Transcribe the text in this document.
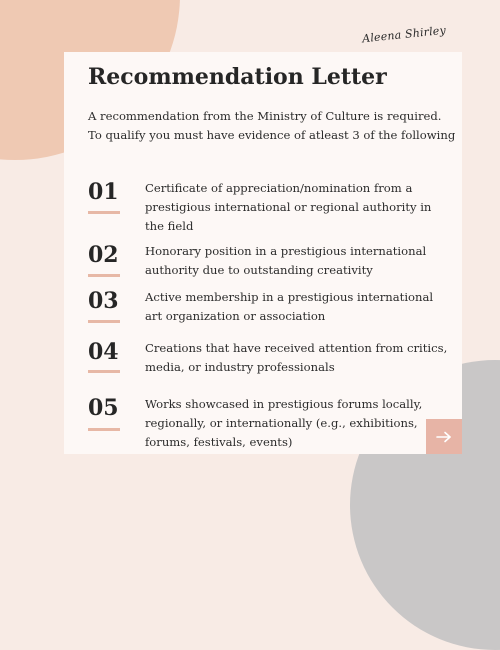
Aleena Shirley
Recommendation Letter

A recommendation from the Ministry of Culture is required. To qualify you must have evidence of atleast 3 of the following

01 Certificate of appreciation/nomination from a prestigious international or regional authority in the field

02 Honorary position in a prestigious international authority due to outstanding creativity

03 Active membership in a prestigious international art organization or association

04 Creations that have received attention from critics, media, or industry professionals

05 Works showcased in prestigious forums locally, regionally, or internationally (e.g., exhibitions, forums, festivals, events)
